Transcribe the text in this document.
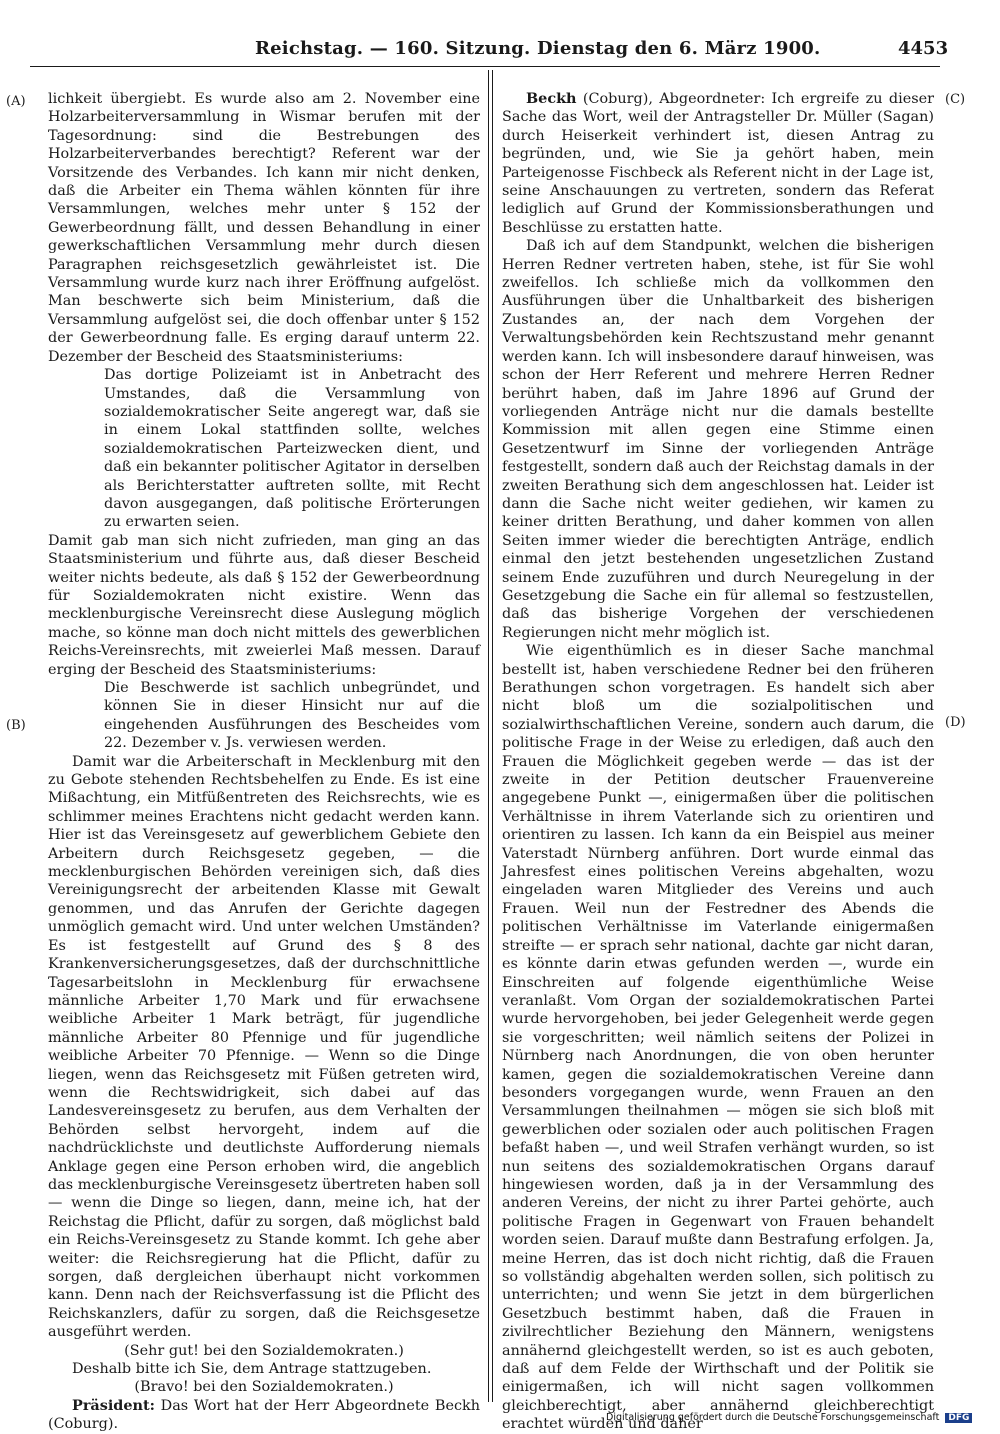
Reichstag. — 160. Sitzung. Dienstag den 6. März 1900.	4453
(A)
(B)
(C)
(D)

lichkeit übergiebt. Es wurde also am 2. November eine Holzarbeiterversammlung in Wismar berufen mit der Tagesordnung: sind die Bestrebungen des Holzarbeiterverbandes berechtigt? Referent war der Vorsitzende des Verbandes. Ich kann mir nicht denken, daß die Arbeiter ein Thema wählen könnten für ihre Versammlungen, welches mehr unter § 152 der Gewerbeordnung fällt, und dessen Behandlung in einer gewerkschaftlichen Versammlung mehr durch diesen Paragraphen reichsgesetzlich gewährleistet ist. Die Versammlung wurde kurz nach ihrer Eröffnung aufgelöst. Man beschwerte sich beim Ministerium, daß die Versammlung aufgelöst sei, die doch offenbar unter § 152 der Gewerbeordnung falle. Es erging darauf unterm 22. Dezember der Bescheid des Staatsministeriums:

Das dortige Polizeiamt ist in Anbetracht des Umstandes, daß die Versammlung von sozialdemokratischer Seite angeregt war, daß sie in einem Lokal stattfinden sollte, welches sozialdemokratischen Parteizwecken dient, und daß ein bekannter politischer Agitator in derselben als Berichterstatter auftreten sollte, mit Recht davon ausgegangen, daß politische Erörterungen zu erwarten seien.

Damit gab man sich nicht zufrieden, man ging an das Staatsministerium und führte aus, daß dieser Bescheid weiter nichts bedeute, als daß § 152 der Gewerbeordnung für Sozialdemokraten nicht existire. Wenn das mecklenburgische Vereinsrecht diese Auslegung möglich mache, so könne man doch nicht mittels des gewerblichen Reichs-Vereinsrechts, mit zweierlei Maß messen. Darauf erging der Bescheid des Staatsministeriums:

Die Beschwerde ist sachlich unbegründet, und können Sie in dieser Hinsicht nur auf die eingehenden Ausführungen des Bescheides vom 22. Dezember v. Js. verwiesen werden.

Damit war die Arbeiterschaft in Mecklenburg mit den zu Gebote stehenden Rechtsbehelfen zu Ende. Es ist eine Mißachtung, ein Mitfüßentreten des Reichsrechts, wie es schlimmer meines Erachtens nicht gedacht werden kann. Hier ist das Vereinsgesetz auf gewerblichem Gebiete den Arbeitern durch Reichsgesetz gegeben, — die mecklenburgischen Behörden vereinigen sich, daß dies Vereinigungsrecht der arbeitenden Klasse mit Gewalt genommen, und das Anrufen der Gerichte dagegen unmöglich gemacht wird. Und unter welchen Umständen? Es ist festgestellt auf Grund des § 8 des Krankenversicherungsgesetzes, daß der durchschnittliche Tagesarbeitslohn in Mecklenburg für erwachsene männliche Arbeiter 1,70 Mark und für erwachsene weibliche Arbeiter 1 Mark beträgt, für jugendliche männliche Arbeiter 80 Pfennige und für jugendliche weibliche Arbeiter 70 Pfennige. — Wenn so die Dinge liegen, wenn das Reichsgesetz mit Füßen getreten wird, wenn die Rechtswidrigkeit, sich dabei auf das Landesvereinsgesetz zu berufen, aus dem Verhalten der Behörden selbst hervorgeht, indem auf die nachdrücklichste und deutlichste Aufforderung niemals Anklage gegen eine Person erhoben wird, die angeblich das mecklenburgische Vereinsgesetz übertreten haben soll — wenn die Dinge so liegen, dann, meine ich, hat der Reichstag die Pflicht, dafür zu sorgen, daß möglichst bald ein Reichs-Vereinsgesetz zu Stande kommt. Ich gehe aber weiter: die Reichsregierung hat die Pflicht, dafür zu sorgen, daß dergleichen überhaupt nicht vorkommen kann. Denn nach der Reichsverfassung ist die Pflicht des Reichskanzlers, dafür zu sorgen, daß die Reichsgesetze ausgeführt werden.

(Sehr gut! bei den Sozialdemokraten.)

Deshalb bitte ich Sie, dem Antrage stattzugeben.

(Bravo! bei den Sozialdemokraten.)

Präsident: Das Wort hat der Herr Abgeordnete Beckh (Coburg).

Beckh (Coburg), Abgeordneter: Ich ergreife zu dieser Sache das Wort, weil der Antragsteller Dr. Müller (Sagan) durch Heiserkeit verhindert ist, diesen Antrag zu begründen, und, wie Sie ja gehört haben, mein Parteigenosse Fischbeck als Referent nicht in der Lage ist, seine Anschauungen zu vertreten, sondern das Referat lediglich auf Grund der Kommissionsberathungen und Beschlüsse zu erstatten hatte.

Daß ich auf dem Standpunkt, welchen die bisherigen Herren Redner vertreten haben, stehe, ist für Sie wohl zweifellos. Ich schließe mich da vollkommen den Ausführungen über die Unhaltbarkeit des bisherigen Zustandes an, der nach dem Vorgehen der Verwaltungsbehörden kein Rechtszustand mehr genannt werden kann. Ich will insbesondere darauf hinweisen, was schon der Herr Referent und mehrere Herren Redner berührt haben, daß im Jahre 1896 auf Grund der vorliegenden Anträge nicht nur die damals bestellte Kommission mit allen gegen eine Stimme einen Gesetzentwurf im Sinne der vorliegenden Anträge festgestellt, sondern daß auch der Reichstag damals in der zweiten Berathung sich dem angeschlossen hat. Leider ist dann die Sache nicht weiter gediehen, wir kamen zu keiner dritten Berathung, und daher kommen von allen Seiten immer wieder die berechtigten Anträge, endlich einmal den jetzt bestehenden ungesetzlichen Zustand seinem Ende zuzuführen und durch Neuregelung in der Gesetzgebung die Sache ein für allemal so festzustellen, daß das bisherige Vorgehen der verschiedenen Regierungen nicht mehr möglich ist.

Wie eigenthümlich es in dieser Sache manchmal bestellt ist, haben verschiedene Redner bei den früheren Berathungen schon vorgetragen. Es handelt sich aber nicht bloß um die sozialpolitischen und sozialwirthschaftlichen Vereine, sondern auch darum, die politische Frage in der Weise zu erledigen, daß auch den Frauen die Möglichkeit gegeben werde — das ist der zweite in der Petition deutscher Frauenvereine angegebene Punkt —, einigermaßen über die politischen Verhältnisse in ihrem Vaterlande sich zu orientiren und orientiren zu lassen. Ich kann da ein Beispiel aus meiner Vaterstadt Nürnberg anführen. Dort wurde einmal das Jahresfest eines politischen Vereins abgehalten, wozu eingeladen waren Mitglieder des Vereins und auch Frauen. Weil nun der Festredner des Abends die politischen Verhältnisse im Vaterlande einigermaßen streifte — er sprach sehr national, dachte gar nicht daran, es könnte darin etwas gefunden werden —, wurde ein Einschreiten auf folgende eigenthümliche Weise veranlaßt. Vom Organ der sozialdemokratischen Partei wurde hervorgehoben, bei jeder Gelegenheit werde gegen sie vorgeschritten; weil nämlich seitens der Polizei in Nürnberg nach Anordnungen, die von oben herunter kamen, gegen die sozialdemokratischen Vereine dann besonders vorgegangen wurde, wenn Frauen an den Versammlungen theilnahmen — mögen sie sich bloß mit gewerblichen oder sozialen oder auch politischen Fragen befaßt haben —, und weil Strafen verhängt wurden, so ist nun seitens des sozialdemokratischen Organs darauf hingewiesen worden, daß ja in der Versammlung des anderen Vereins, der nicht zu ihrer Partei gehörte, auch politische Fragen in Gegenwart von Frauen behandelt worden seien. Darauf mußte dann Bestrafung erfolgen. Ja, meine Herren, das ist doch nicht richtig, daß die Frauen so vollständig abgehalten werden sollen, sich politisch zu unterrichten; und wenn Sie jetzt in dem bürgerlichen Gesetzbuch bestimmt haben, daß die Frauen in zivilrechtlicher Beziehung den Männern, wenigstens annähernd gleichgestellt werden, so ist es auch geboten, daß auf dem Felde der Wirthschaft und der Politik sie einigermaßen, ich will nicht sagen vollkommen gleichberechtigt, aber annähernd gleichberechtigt erachtet würden und daher

Digitalisierung gefördert durch die Deutsche Forschungsgemeinschaft DFG
